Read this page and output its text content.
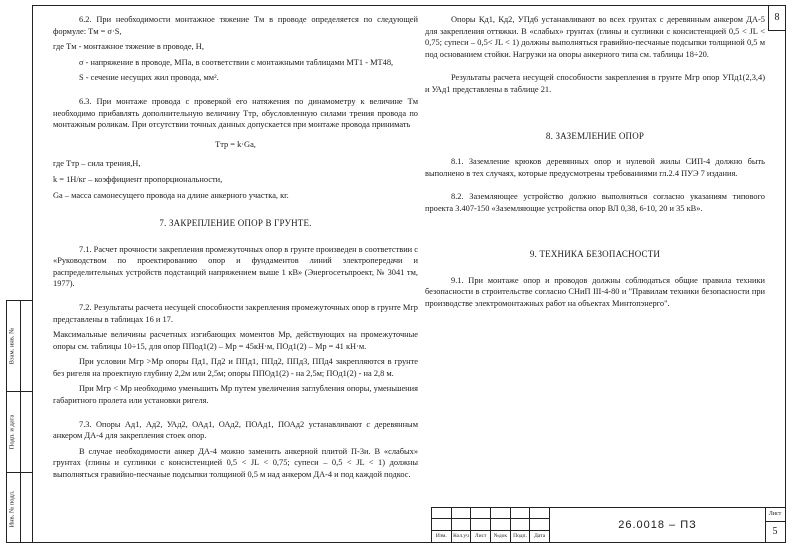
8

6.2. При необходимости монтажное тяжение Tм в проводе определяется по следующей формуле: Tм = σ·S,

где Tм - монтажное тяжение в проводе, Н,

σ - напряжение в проводе, МПа, в соответствии с монтажными таблицами МТ1 - МТ48,

S - сечение несущих жил провода, мм².

6.3. При монтаже провода с проверкой его натяжения по динамометру к величине Tм необходимо прибавлять дополнительную величину Tтр, обусловленную силами трения провода по монтажным роликам. При отсутствии точных данных допускается при монтаже провода принимать

Tтр = k·Gа,

где Tтр – сила трения,Н,

k = 1Н/кг – коэффициент пропорциональности,

Gа – масса самонесущего провода на длине анкерного участка, кг.

7. ЗАКРЕПЛЕНИЕ ОПОР В ГРУНТЕ.

7.1. Расчет прочности закрепления промежуточных опор в грунте произведен в соответствии с «Руководством по проектированию опор и фундаментов линий электропередачи и распределительных устройств подстанций напряжением выше 1 кВ» (Энергосетьпроект, № 3041 тм, 1977).

7.2. Результаты расчета несущей способности закрепления промежуточных опор в грунте Mгр представлены в таблицах 16 и 17.

Максимальные величины расчетных изгибающих моментов Mр, действующих на промежуточные опоры см. таблицы 10÷15, для опор ППод1(2) – Mр = 45кН·м, ПОд1(2) – Mр = 41 кН·м.

При условии Mгр >Mр опоры Пд1, Пд2 и ППд1, ППд2, ППд3, ППд4 закрепляются в грунте без ригеля на проектную глубину 2,2м или 2,5м; опоры ППОд1(2) - на 2,5м; ПОд1(2) - на 2,8 м.

При Mгр < Mр необходимо уменьшить Mр путем увеличения заглубления опоры, уменьшения габаритного пролета или установки ригеля.

7.3. Опоры Ад1, Ад2, УАд2, ОАд1, ОАд2, ПОАд1, ПОАд2 устанавливают с деревянным анкером ДА-4 для закрепления стоек опор.

В случае необходимости анкер ДА-4 можно заменить анкерной плитой П-3и. В «слабых» грунтах (глины и суглинки с консистенцией 0,5 < JL < 0,75; супеси – 0,5 < JL < 1) должны выполняться гравийно-песчаные подсыпки толщиной 0,5 м над анкером ДА-4 и под каждой подкос.

Опоры Кд1, Кд2, УПд6 устанавливают во всех грунтах с деревянным анкером ДА-5 для закрепления оттяжки. В «слабых» грунтах (глины и суглинки с консистенцией 0,5 < JL < 0,75; супеси – 0,5< JL < 1) должны выполняться гравийно-песчаные подсыпки толщиной 0,5 м под основанием стойки. Нагрузки на опоры анкерного типа см. таблицы 18÷20.

Результаты расчета несущей способности закрепления в грунте Mгр опор УПд1(2,3,4) и УАд1 представлены в таблице 21.

8. ЗАЗЕМЛЕНИЕ ОПОР

8.1. Заземление крюков деревянных опор и нулевой жилы СИП-4 должно быть выполнено в тех случаях, которые предусмотрены требованиями гл.2.4 ПУЭ 7 издания.

8.2. Заземляющее устройство должно выполняться согласно указаниям типового проекта 3.407-150 «Заземляющие устройства опор ВЛ 0,38, 6-10, 20 и 35 кВ».

9. ТЕХНИКА БЕЗОПАСНОСТИ

9.1. При монтаже опор и проводов должны соблюдаться общие правила техники безопасности в строительстве согласно СНиП III-4-80 и "Правилам техники безопасности при производстве электромонтажных работ на объектах Минтопэнерго".

Взам. инв. №
Подп. и дата
Инв. № подл.
Изм.	Кол.уч	Лист	№док	Подп.	Дата
26.0018 – ПЗ
Лист
5
